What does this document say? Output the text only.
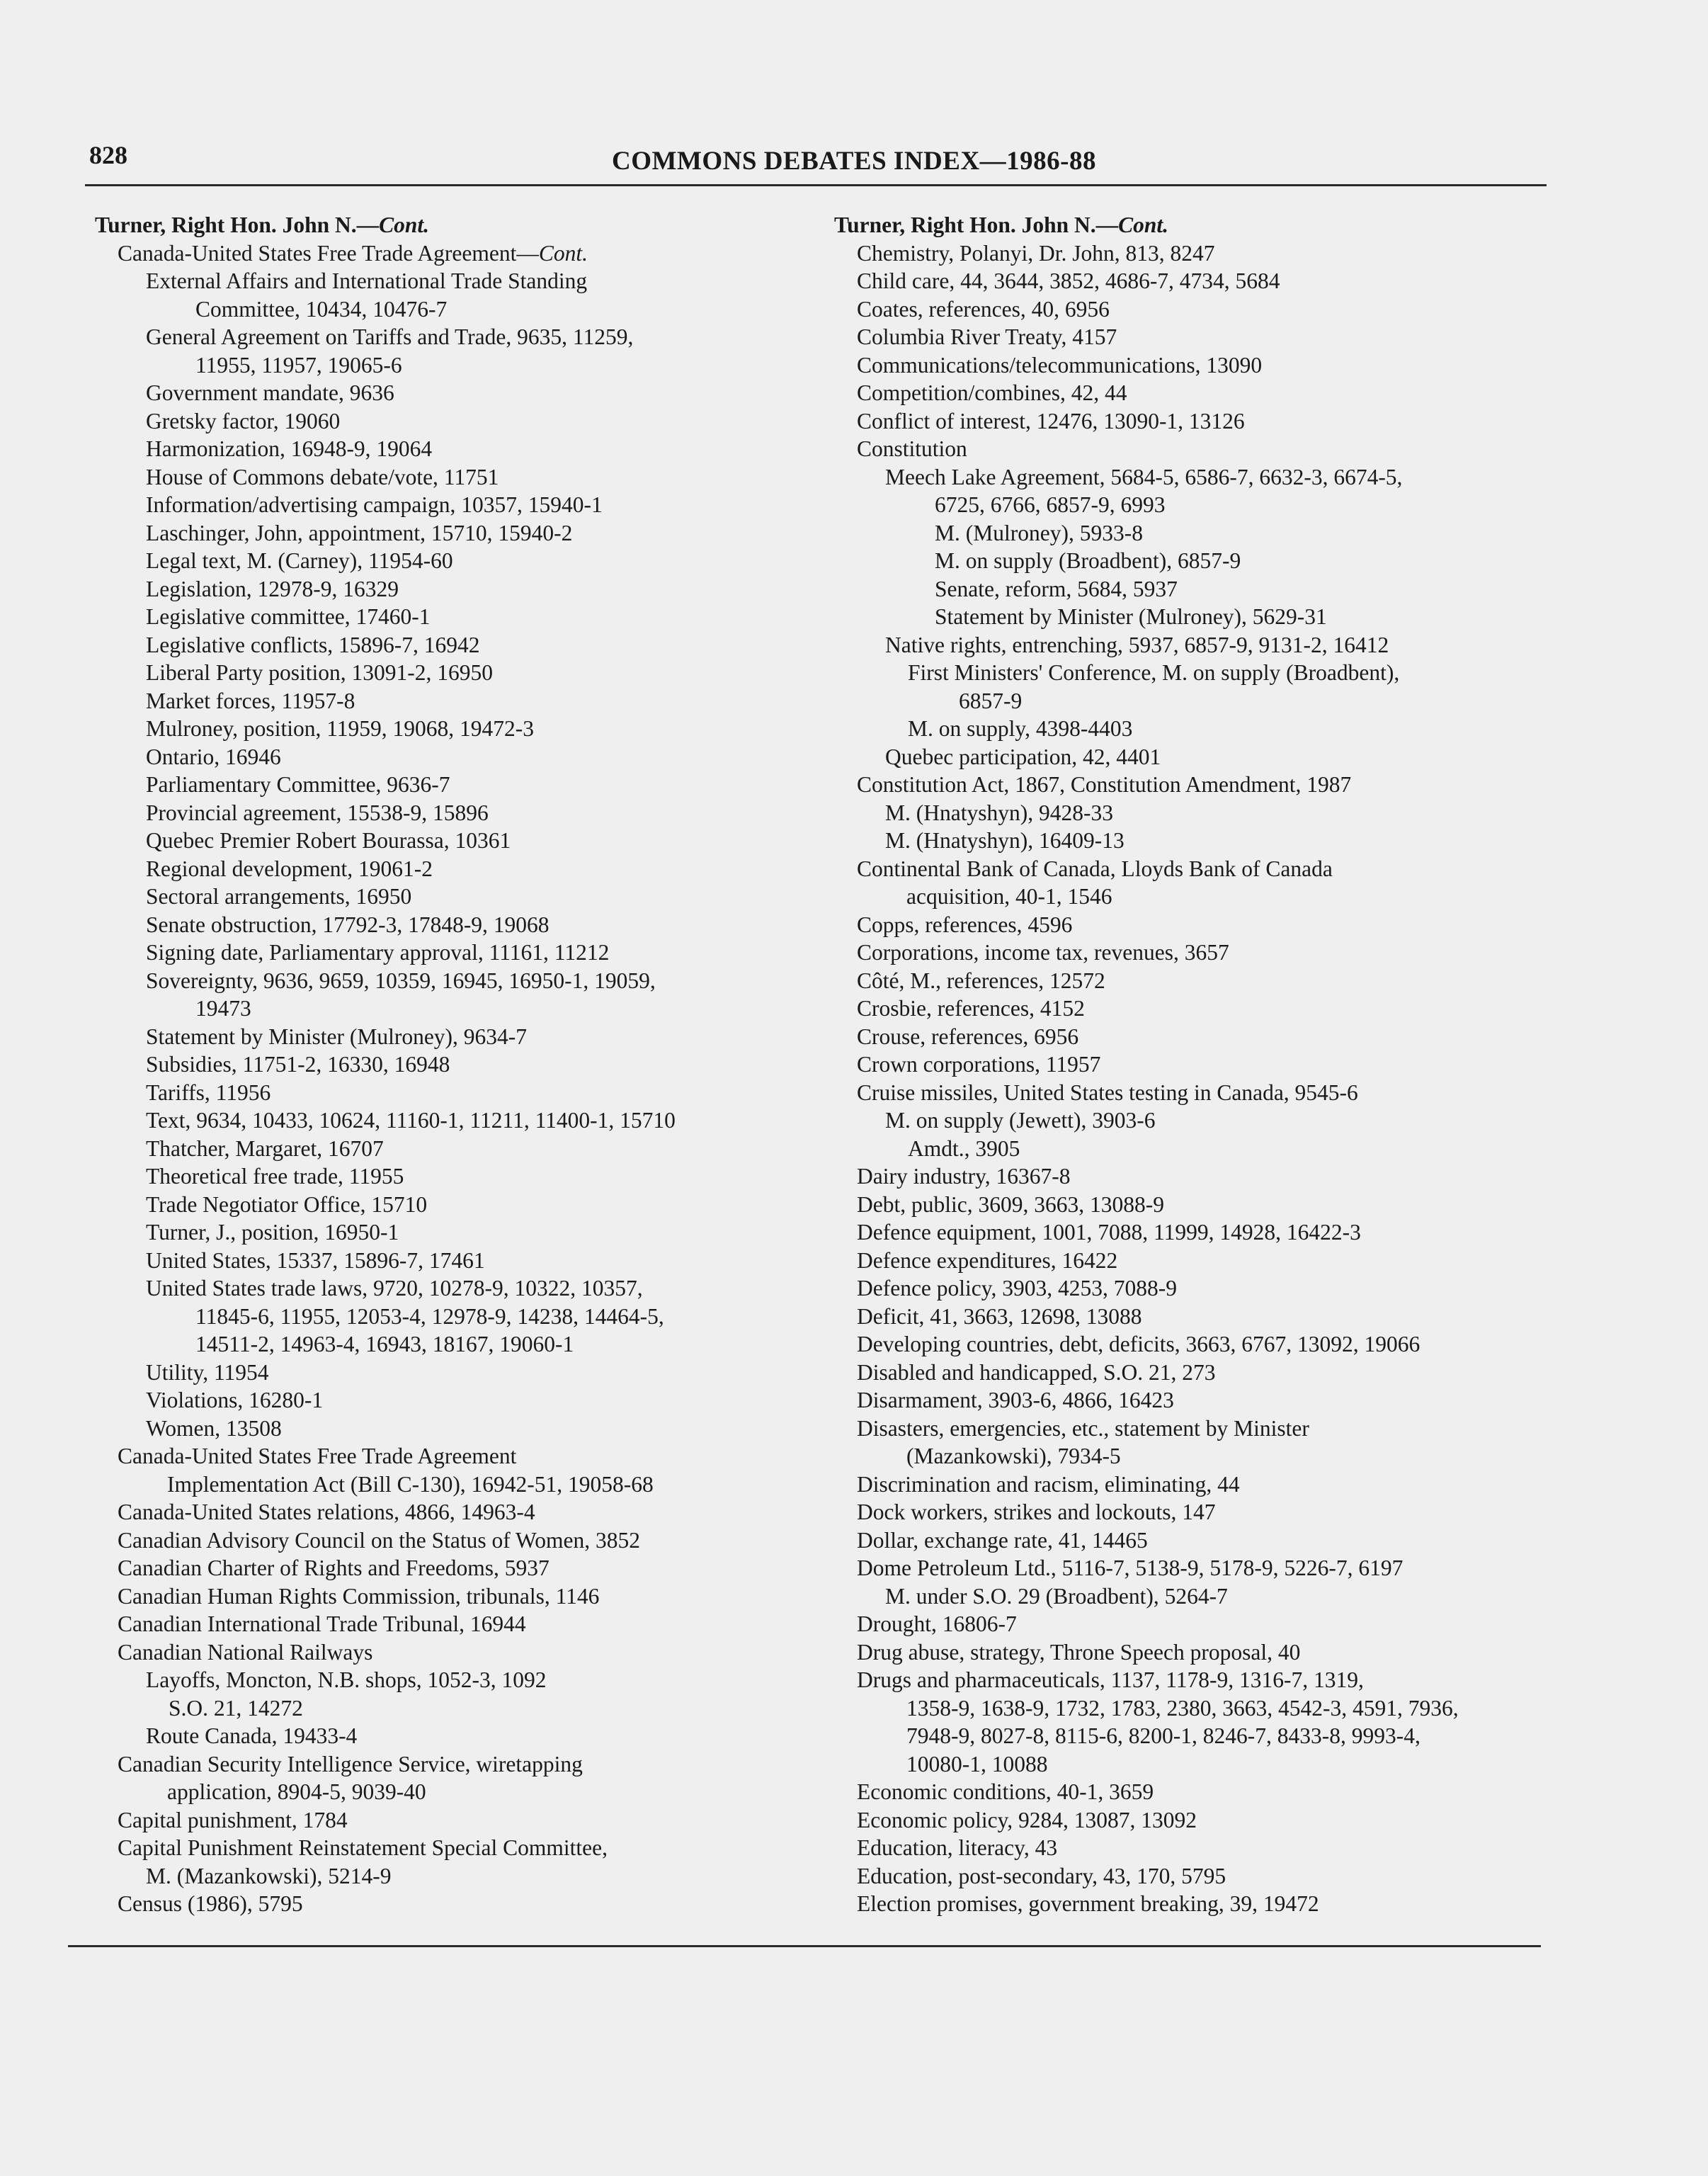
828	COMMONS DEBATES INDEX—1986-88
Turner, Right Hon. John N.—Cont.
Canada-United States Free Trade Agreement—Cont.
External Affairs and International Trade Standing
Committee, 10434, 10476-7
General Agreement on Tariffs and Trade, 9635, 11259,
11955, 11957, 19065-6
Government mandate, 9636
Gretsky factor, 19060
Harmonization, 16948-9, 19064
House of Commons debate/vote, 11751
Information/advertising campaign, 10357, 15940-1
Laschinger, John, appointment, 15710, 15940-2
Legal text, M. (Carney), 11954-60
Legislation, 12978-9, 16329
Legislative committee, 17460-1
Legislative conflicts, 15896-7, 16942
Liberal Party position, 13091-2, 16950
Market forces, 11957-8
Mulroney, position, 11959, 19068, 19472-3
Ontario, 16946
Parliamentary Committee, 9636-7
Provincial agreement, 15538-9, 15896
Quebec Premier Robert Bourassa, 10361
Regional development, 19061-2
Sectoral arrangements, 16950
Senate obstruction, 17792-3, 17848-9, 19068
Signing date, Parliamentary approval, 11161, 11212
Sovereignty, 9636, 9659, 10359, 16945, 16950-1, 19059,
19473
Statement by Minister (Mulroney), 9634-7
Subsidies, 11751-2, 16330, 16948
Tariffs, 11956
Text, 9634, 10433, 10624, 11160-1, 11211, 11400-1, 15710
Thatcher, Margaret, 16707
Theoretical free trade, 11955
Trade Negotiator Office, 15710
Turner, J., position, 16950-1
United States, 15337, 15896-7, 17461
United States trade laws, 9720, 10278-9, 10322, 10357,
11845-6, 11955, 12053-4, 12978-9, 14238, 14464-5,
14511-2, 14963-4, 16943, 18167, 19060-1
Utility, 11954
Violations, 16280-1
Women, 13508
Canada-United States Free Trade Agreement
Implementation Act (Bill C-130), 16942-51, 19058-68
Canada-United States relations, 4866, 14963-4
Canadian Advisory Council on the Status of Women, 3852
Canadian Charter of Rights and Freedoms, 5937
Canadian Human Rights Commission, tribunals, 1146
Canadian International Trade Tribunal, 16944
Canadian National Railways
Layoffs, Moncton, N.B. shops, 1052-3, 1092
S.O. 21, 14272
Route Canada, 19433-4
Canadian Security Intelligence Service, wiretapping
application, 8904-5, 9039-40
Capital punishment, 1784
Capital Punishment Reinstatement Special Committee,
M. (Mazankowski), 5214-9
Census (1986), 5795
Turner, Right Hon. John N.—Cont.
Chemistry, Polanyi, Dr. John, 813, 8247
Child care, 44, 3644, 3852, 4686-7, 4734, 5684
Coates, references, 40, 6956
Columbia River Treaty, 4157
Communications/telecommunications, 13090
Competition/combines, 42, 44
Conflict of interest, 12476, 13090-1, 13126
Constitution
Meech Lake Agreement, 5684-5, 6586-7, 6632-3, 6674-5,
6725, 6766, 6857-9, 6993
M. (Mulroney), 5933-8
M. on supply (Broadbent), 6857-9
Senate, reform, 5684, 5937
Statement by Minister (Mulroney), 5629-31
Native rights, entrenching, 5937, 6857-9, 9131-2, 16412
First Ministers' Conference, M. on supply (Broadbent),
6857-9
M. on supply, 4398-4403
Quebec participation, 42, 4401
Constitution Act, 1867, Constitution Amendment, 1987
M. (Hnatyshyn), 9428-33
M. (Hnatyshyn), 16409-13
Continental Bank of Canada, Lloyds Bank of Canada
acquisition, 40-1, 1546
Copps, references, 4596
Corporations, income tax, revenues, 3657
Côté, M., references, 12572
Crosbie, references, 4152
Crouse, references, 6956
Crown corporations, 11957
Cruise missiles, United States testing in Canada, 9545-6
M. on supply (Jewett), 3903-6
Amdt., 3905
Dairy industry, 16367-8
Debt, public, 3609, 3663, 13088-9
Defence equipment, 1001, 7088, 11999, 14928, 16422-3
Defence expenditures, 16422
Defence policy, 3903, 4253, 7088-9
Deficit, 41, 3663, 12698, 13088
Developing countries, debt, deficits, 3663, 6767, 13092, 19066
Disabled and handicapped, S.O. 21, 273
Disarmament, 3903-6, 4866, 16423
Disasters, emergencies, etc., statement by Minister
(Mazankowski), 7934-5
Discrimination and racism, eliminating, 44
Dock workers, strikes and lockouts, 147
Dollar, exchange rate, 41, 14465
Dome Petroleum Ltd., 5116-7, 5138-9, 5178-9, 5226-7, 6197
M. under S.O. 29 (Broadbent), 5264-7
Drought, 16806-7
Drug abuse, strategy, Throne Speech proposal, 40
Drugs and pharmaceuticals, 1137, 1178-9, 1316-7, 1319,
1358-9, 1638-9, 1732, 1783, 2380, 3663, 4542-3, 4591, 7936,
7948-9, 8027-8, 8115-6, 8200-1, 8246-7, 8433-8, 9993-4,
10080-1, 10088
Economic conditions, 40-1, 3659
Economic policy, 9284, 13087, 13092
Education, literacy, 43
Education, post-secondary, 43, 170, 5795
Election promises, government breaking, 39, 19472
